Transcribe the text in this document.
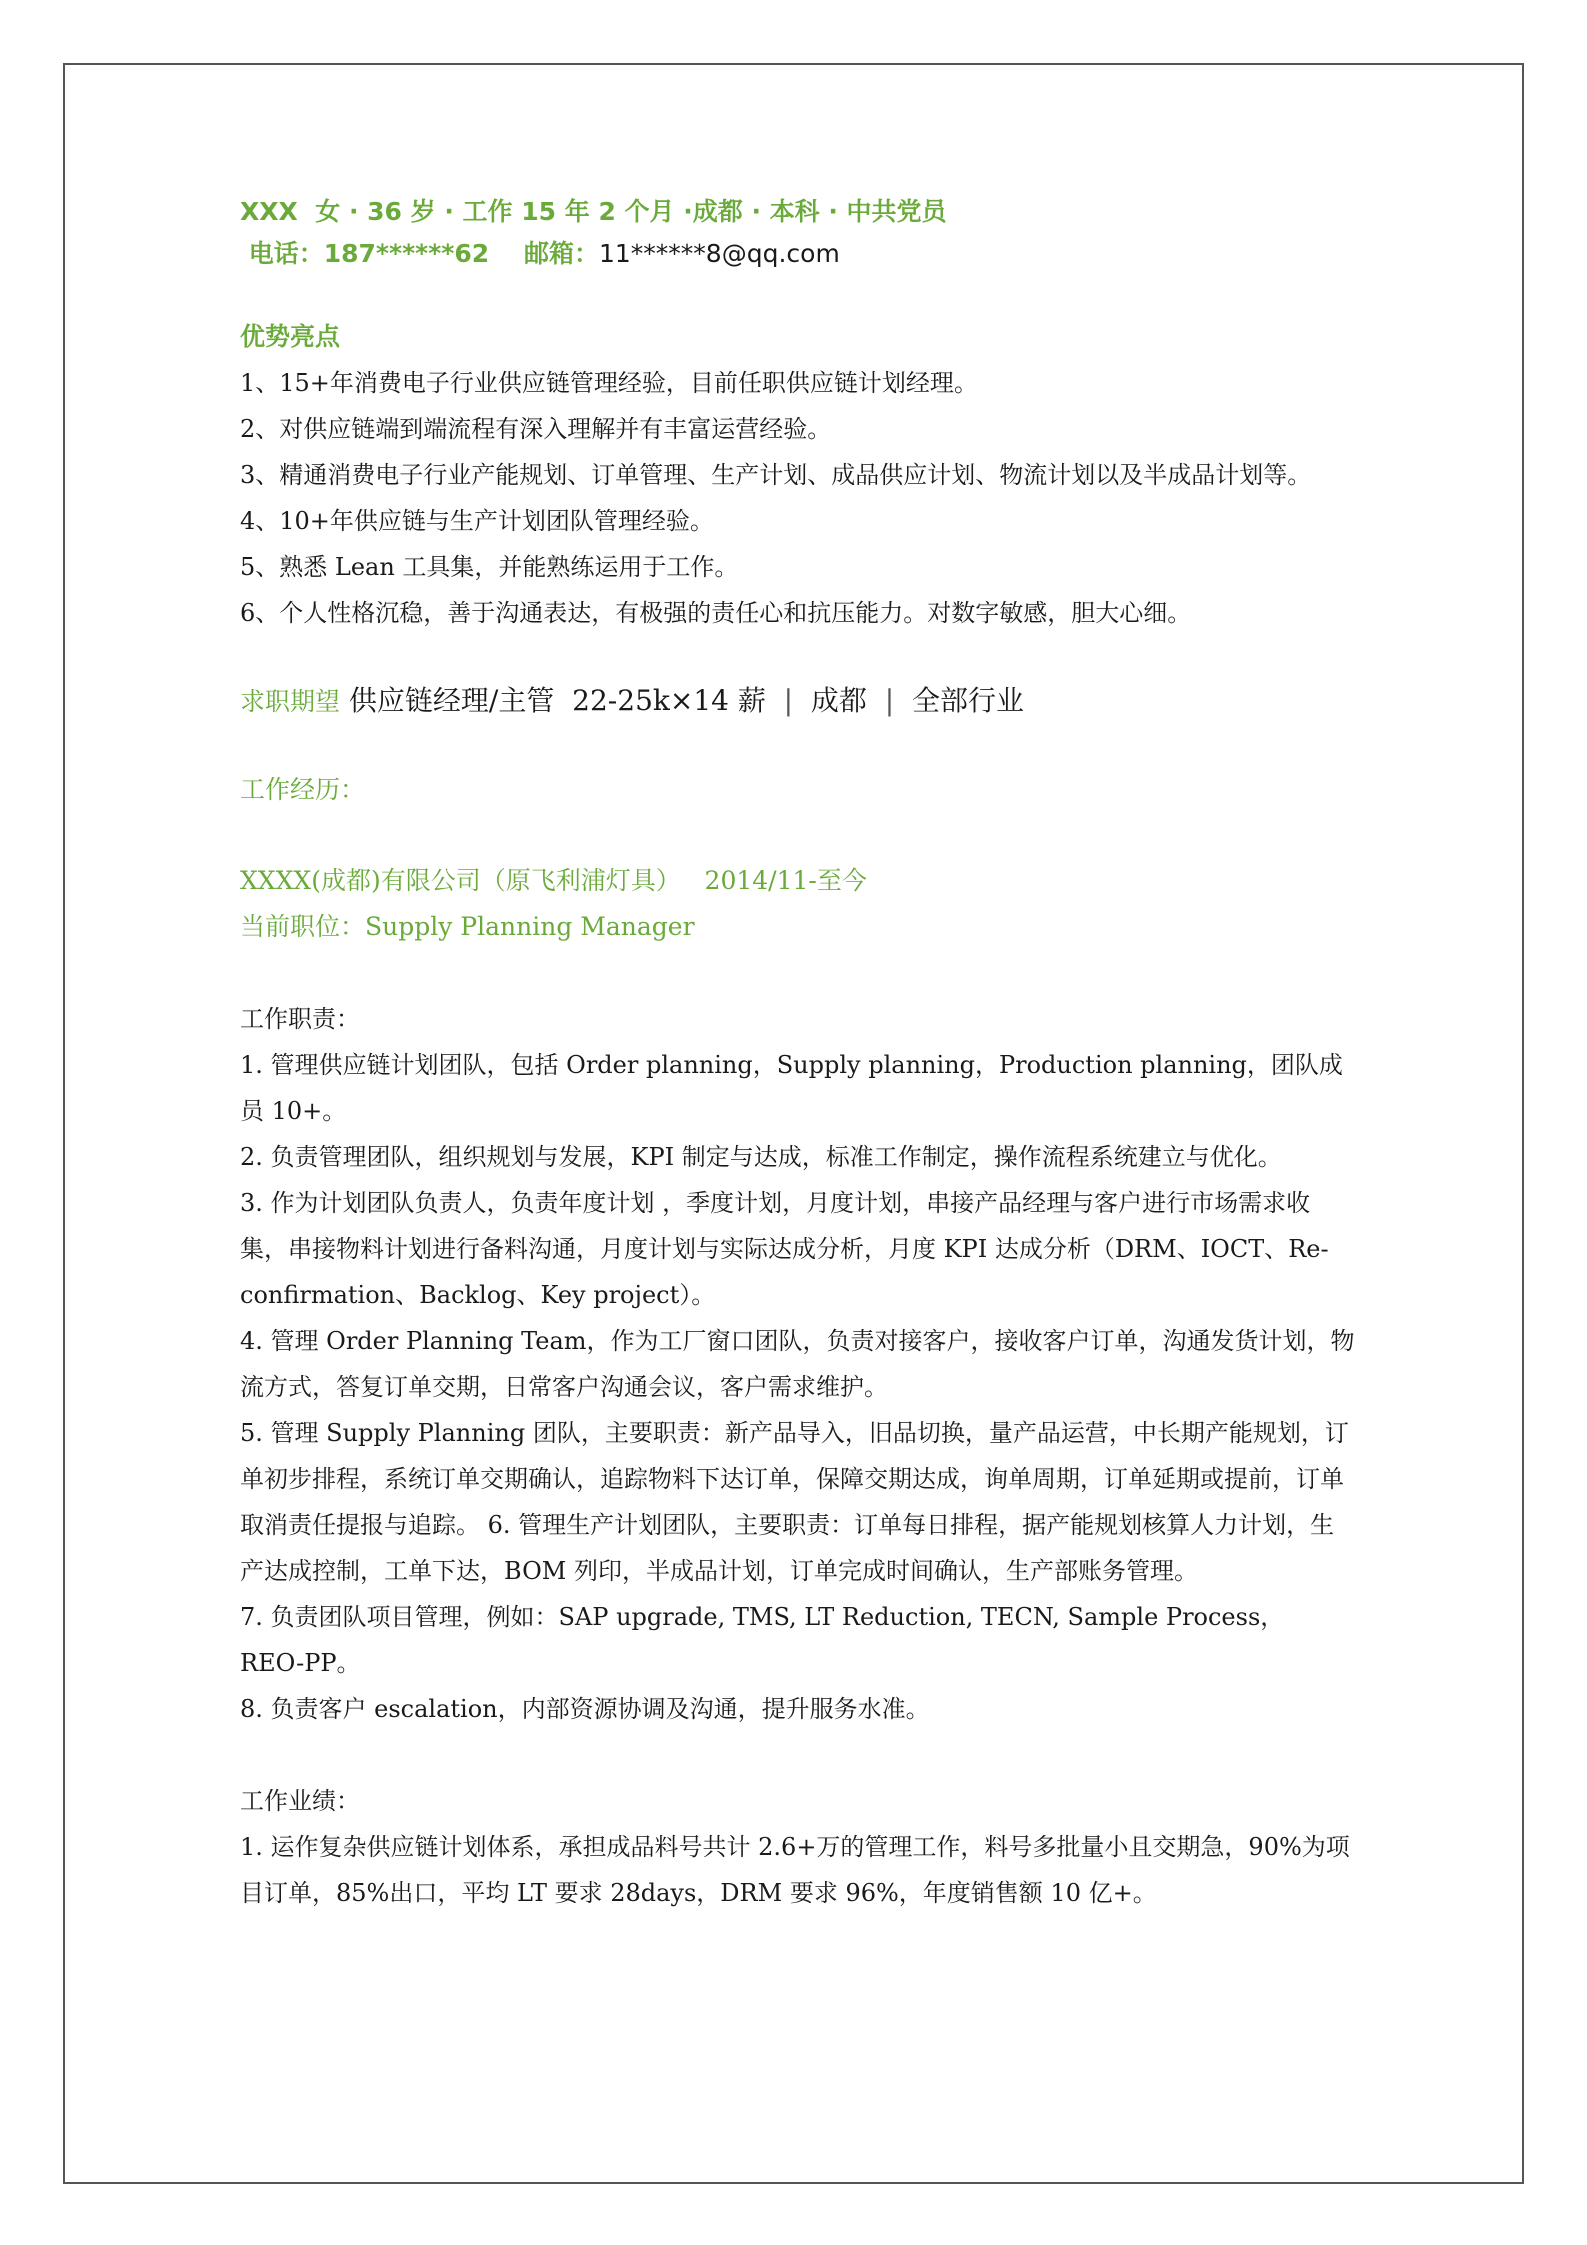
XXX 女 · 36 岁 · 工作 15 年 2 个月 ·成都 · 本科 · 中共党员
电话：187******62 邮箱：11******8@qq.com
优势亮点

1、15+年消费电子行业供应链管理经验，目前任职供应链计划经理。

2、对供应链端到端流程有深入理解并有丰富运营经验。

3、精通消费电子行业产能规划、订单管理、生产计划、成品供应计划、物流计划以及半成品计划等。

4、10+年供应链与生产计划团队管理经验。

5、熟悉 Lean 工具集，并能熟练运用于工作。

6、个人性格沉稳，善于沟通表达，有极强的责任心和抗压能力。对数字敏感，胆大心细。

求职期望 供应链经理/主管 22-25k×14 薪 | 成都 | 全部行业
工作经历：
XXXX(成都)有限公司（原飞利浦灯具） 2014/11-至今
当前职位：Supply Planning Manager
工作职责：

1. 管理供应链计划团队，包括 Order planning，Supply planning，Production planning，团队成员 10+。

2. 负责管理团队，组织规划与发展，KPI 制定与达成，标准工作制定，操作流程系统建立与优化。

3. 作为计划团队负责人，负责年度计划 ，季度计划，月度计划，串接产品经理与客户进行市场需求收集，串接物料计划进行备料沟通，月度计划与实际达成分析，月度 KPI 达成分析（DRM、IOCT、Re-confirmation、Backlog、Key project）。

4. 管理 Order Planning Team，作为工厂窗口团队，负责对接客户，接收客户订单，沟通发货计划，物流方式，答复订单交期，日常客户沟通会议，客户需求维护。

5. 管理 Supply Planning 团队，主要职责：新产品导入，旧品切换，量产品运营，中长期产能规划，订单初步排程，系统订单交期确认，追踪物料下达订单，保障交期达成，询单周期，订单延期或提前，订单取消责任提报与追踪。 6. 管理生产计划团队，主要职责：订单每日排程，据产能规划核算人力计划，生产达成控制，工单下达，BOM 列印，半成品计划，订单完成时间确认，生产部账务管理。

7. 负责团队项目管理，例如：SAP upgrade, TMS, LT Reduction, TECN, Sample Process， REO-PP。

8. 负责客户 escalation，内部资源协调及沟通，提升服务水准。

工作业绩：

1. 运作复杂供应链计划体系，承担成品料号共计 2.6+万的管理工作，料号多批量小且交期急，90%为项目订单，85%出口，平均 LT 要求 28days，DRM 要求 96%，年度销售额 10 亿+。
